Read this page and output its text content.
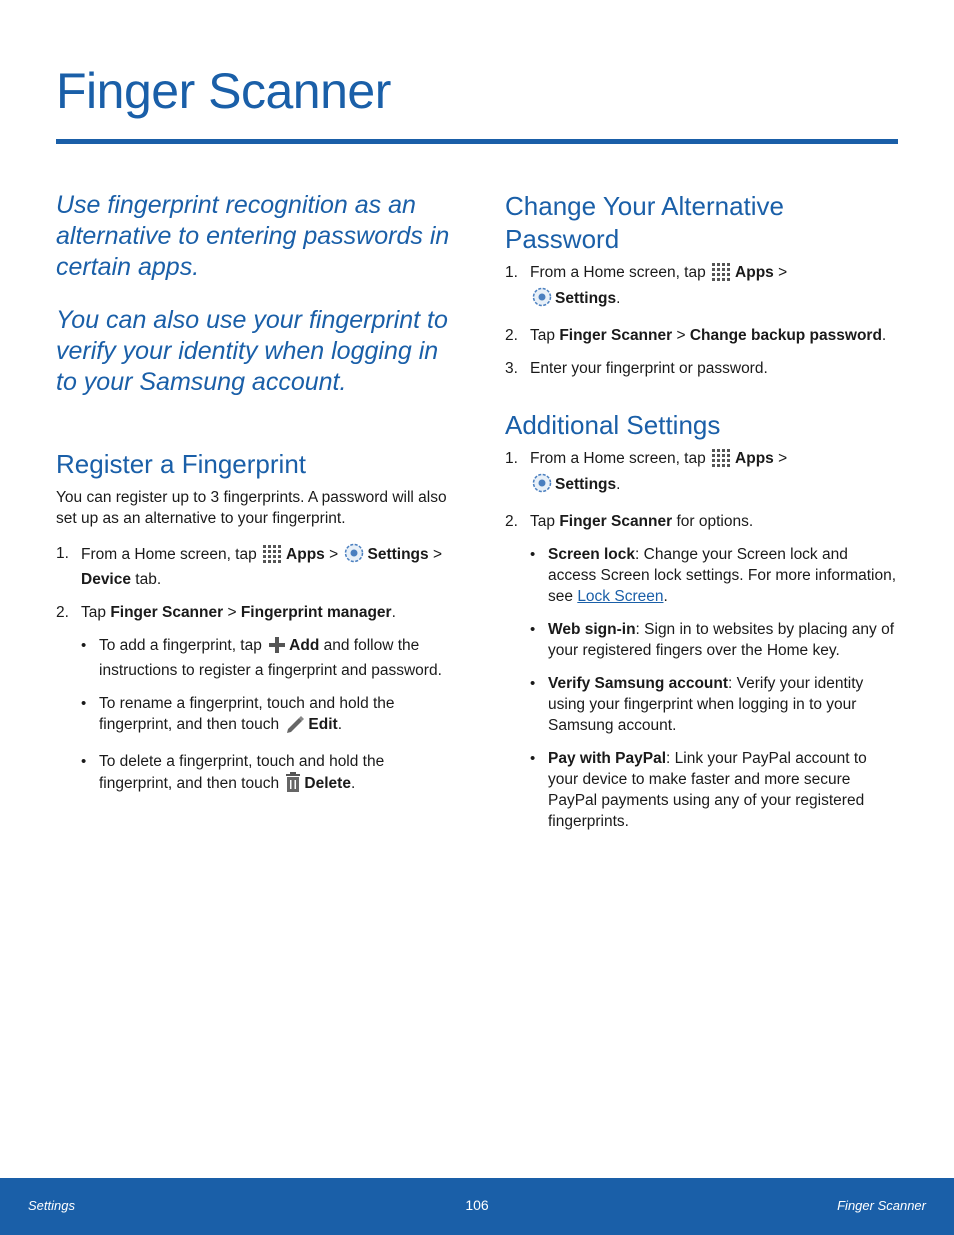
Finger Scanner

Use fingerprint recognition as an alternative to entering passwords in certain apps.

You can also use your fingerprint to verify your identity when logging in to your Samsung account.

Register a Fingerprint

You can register up to 3 fingerprints. A password will also set up as an alternative to your fingerprint.

1. From a Home screen, tap Apps > Settings > Device tab.
2. Tap Finger Scanner > Fingerprint manager.
• To add a fingerprint, tap Add and follow the instructions to register a fingerprint and password.
• To rename a fingerprint, touch and hold the fingerprint, and then touch Edit.
• To delete a fingerprint, touch and hold the fingerprint, and then touch Delete.
Change Your Alternative Password
1. From a Home screen, tap Apps >
Settings.
2. Tap Finger Scanner > Change backup password.
3. Enter your fingerprint or password.
Additional Settings
1. From a Home screen, tap Apps >
Settings.
2. Tap Finger Scanner for options.
• Screen lock: Change your Screen lock and access Screen lock settings. For more information, see Lock Screen.
• Web sign-in: Sign in to websites by placing any of your registered fingers over the Home key.
• Verify Samsung account: Verify your identity using your fingerprint when logging in to your Samsung account.
• Pay with PayPal: Link your PayPal account to your device to make faster and more secure PayPal payments using any of your registered fingerprints.
Settings	106	Finger Scanner
